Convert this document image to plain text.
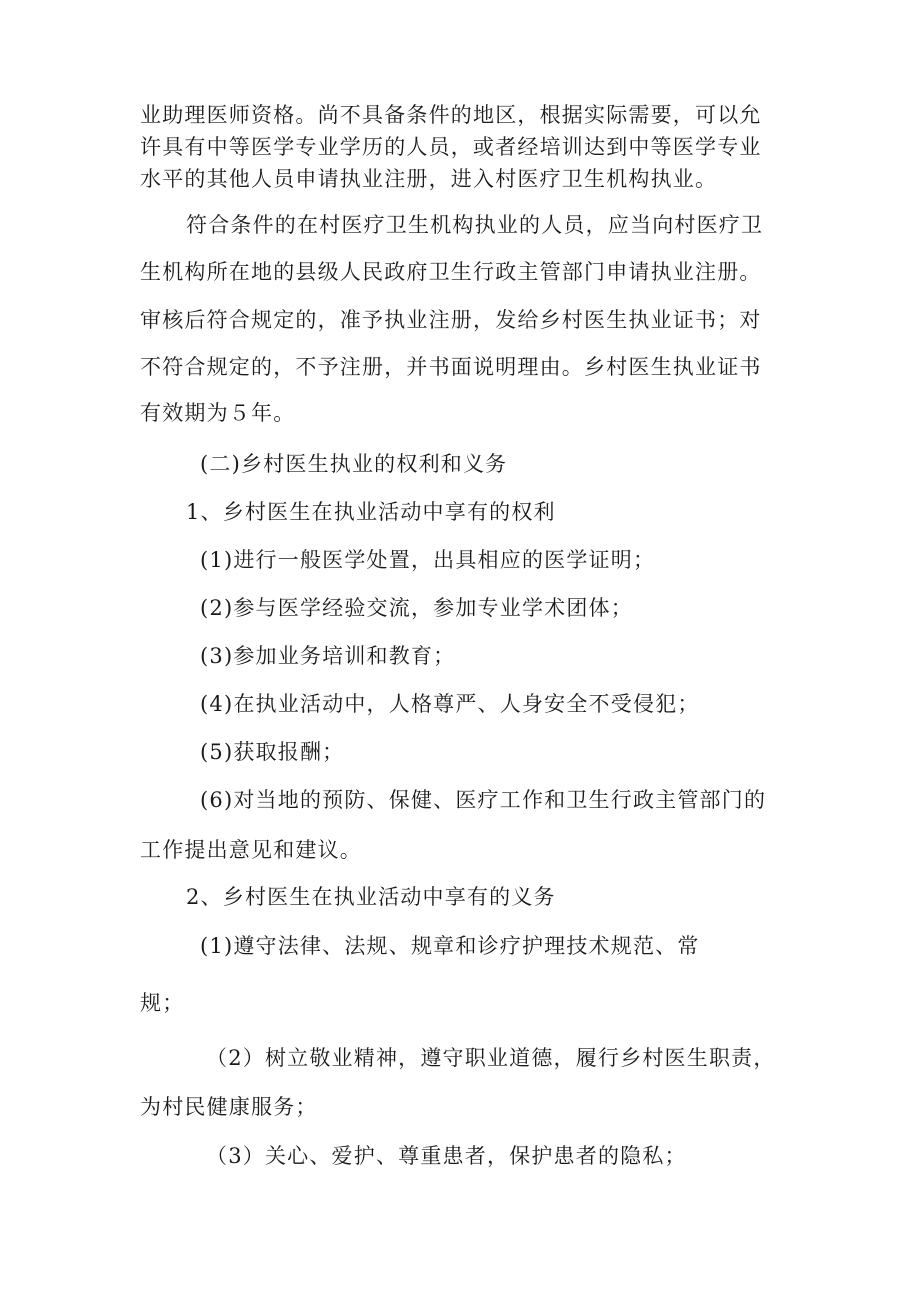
业助理医师资格。尚不具备条件的地区，根据实际需要，可以允
许具有中等医学专业学历的人员，或者经培训达到中等医学专业
水平的其他人员申请执业注册，进入村医疗卫生机构执业。
符合条件的在村医疗卫生机构执业的人员，应当向村医疗卫
生机构所在地的县级人民政府卫生行政主管部门申请执业注册。
审核后符合规定的，准予执业注册，发给乡村医生执业证书；对
不符合规定的，不予注册，并书面说明理由。乡村医生执业证书
有效期为５年。
(二)乡村医生执业的权利和义务
1、乡村医生在执业活动中享有的权利
(1)进行一般医学处置，出具相应的医学证明；
(2)参与医学经验交流，参加专业学术团体；
(3)参加业务培训和教育；
(4)在执业活动中，人格尊严、人身安全不受侵犯；
(5)获取报酬；
(6)对当地的预防、保健、医疗工作和卫生行政主管部门的
工作提出意见和建议。
2、乡村医生在执业活动中享有的义务
(1)遵守法律、法规、规章和诊疗护理技术规范、常
规；
（2）树立敬业精神，遵守职业道德，履行乡村医生职责，
为村民健康服务；
（3）关心、爱护、尊重患者，保护患者的隐私；
